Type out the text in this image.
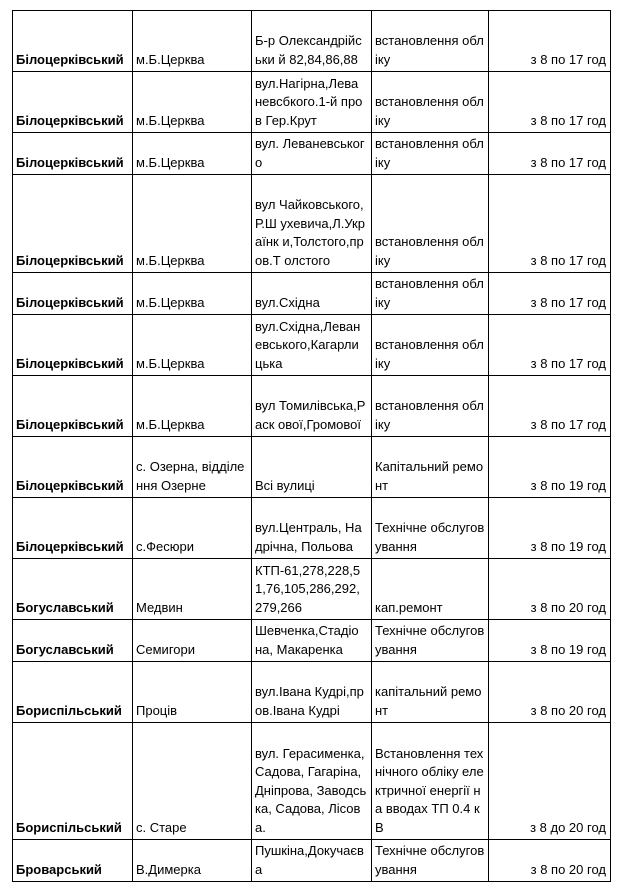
Білоцерківський	м.Б.Церква	Б-р Олександрійськи й 82,84,86,88	встановлення обліку	з 8 по 17 год
Білоцерківський	м.Б.Церква	вул.Нагірна,Лева невсбкого.1-й пров Гер.Крут	встановлення обліку	з 8 по 17 год
Білоцерківський	м.Б.Церква	вул. Леваневського	встановлення обліку	з 8 по 17 год
Білоцерківський	м.Б.Церква	вул Чайковського,Р.Ш ухевича,Л.Українк и,Толстого,пров.Т олстого	встановлення обліку	з 8 по 17 год
Білоцерківський	м.Б.Церква	вул.Східна	встановлення обліку	з 8 по 17 год
Білоцерківський	м.Б.Церква	вул.Східна,Леван евського,Кагарли цька	встановлення обліку	з 8 по 17 год
Білоцерківський	м.Б.Церква	вул Томилівська,Раск ової,Громової	встановлення обліку	з 8 по 17 год
Білоцерківський	с. Озерна, відділення Озерне	Всі вулиці	Капітальний ремонт	з 8 по 19 год
Білоцерківський	с.Фесюри	вул.Централь, Надрічна, Польова	Технічне обслуговування	з 8 по 19 год
Богуславський	Медвин	КТП-61,278,228,5 1,76,105,286,292, 279,266	кап.ремонт	з 8 по 20 год
Богуславський	Семигори	Шевченка,Стадіо на, Макаренка	Технічне обслуговування	з 8 по 19 год
Бориспільський	Проців	вул.Івана Кудрі,пров.Івана Кудрі	капітальний ремонт	з 8 по 20 год
Бориспільський	с. Старе	вул. Герасименка, Садова, Гагаріна, Дніпрова, Заводська, Садова, Лісова.	Встановлення технічного обліку електричної енергії на вводах ТП 0.4 кВ	з 8 до 20 год
Броварський	В.Димерка	Пушкіна,Докучаєв а	Технічне обслуговування	з 8 по 20 год
